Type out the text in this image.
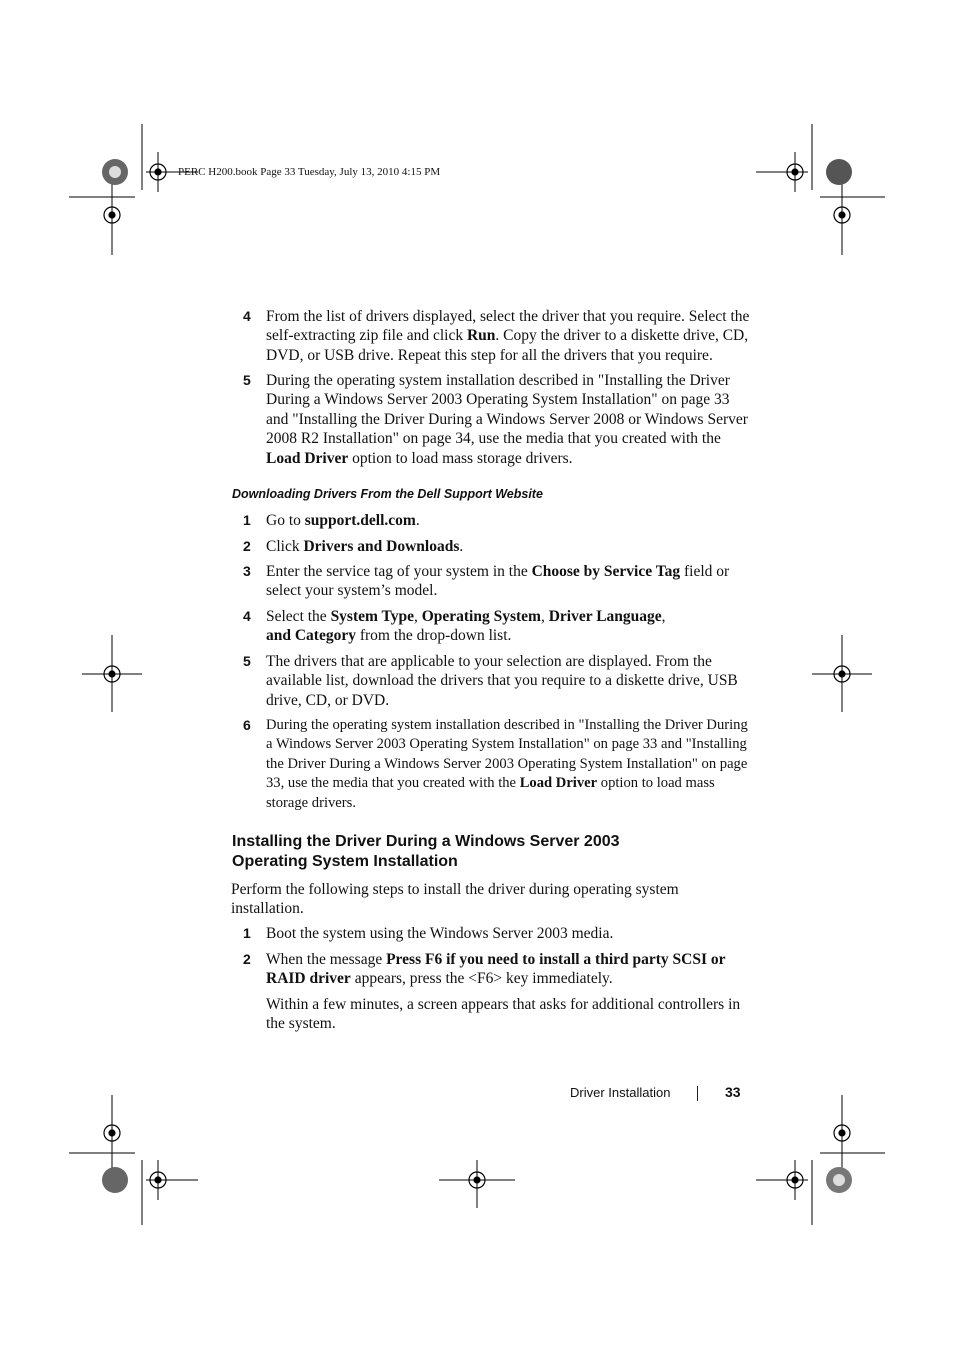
PERC H200.book Page 33 Tuesday, July 13, 2010 4:15 PM
4 From the list of drivers displayed, select the driver that you require. Select the self-extracting zip file and click Run. Copy the driver to a diskette drive, CD, DVD, or USB drive. Repeat this step for all the drivers that you require.
5 During the operating system installation described in "Installing the Driver During a Windows Server 2003 Operating System Installation" on page 33 and "Installing the Driver During a Windows Server 2008 or Windows Server 2008 R2 Installation" on page 34, use the media that you created with the Load Driver option to load mass storage drivers.
Downloading Drivers From the Dell Support Website
1 Go to support.dell.com.
2 Click Drivers and Downloads.
3 Enter the service tag of your system in the Choose by Service Tag field or select your system’s model.
4 Select the System Type, Operating System, Driver Language,
and Category from the drop-down list.
5 The drivers that are applicable to your selection are displayed. From the available list, download the drivers that you require to a diskette drive, USB drive, CD, or DVD.
6 During the operating system installation described in "Installing the Driver During a Windows Server 2003 Operating System Installation" on page 33 and "Installing the Driver During a Windows Server 2003 Operating System Installation" on page 33, use the media that you created with the Load Driver option to load mass storage drivers.
Installing the Driver During a Windows Server 2003 Operating System Installation
Perform the following steps to install the driver during operating system installation.
1 Boot the system using the Windows Server 2003 media.
2 When the message Press F6 if you need to install a third party SCSI or RAID driver appears, press the <F6> key immediately.
Within a few minutes, a screen appears that asks for additional controllers in the system.
Driver Installation	33
